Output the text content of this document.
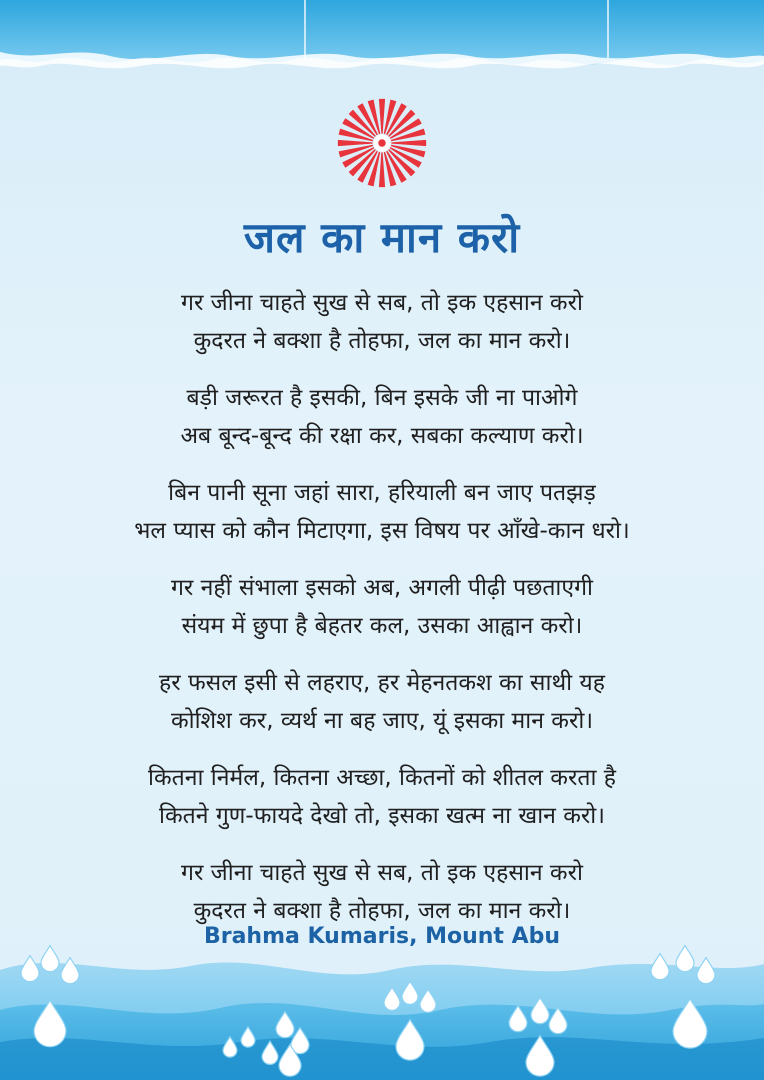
जल का मान करो
गर जीना चाहते सुख से सब, तो इक एहसान करो
कुदरत ने बक्शा है तोहफा, जल का मान करो।
बड़ी जरूरत है इसकी, बिन इसके जी ना पाओगे
अब बून्द-बून्द की रक्षा कर, सबका कल्याण करो।
बिन पानी सूना जहां सारा, हरियाली बन जाए पतझड़
भल प्यास को कौन मिटाएगा, इस विषय पर आँखे-कान धरो।
गर नहीं संभाला इसको अब, अगली पीढ़ी पछताएगी
संयम में छुपा है बेहतर कल, उसका आह्वान करो।
हर फसल इसी से लहराए, हर मेहनतकश का साथी यह
कोशिश कर, व्यर्थ ना बह जाए, यूं इसका मान करो।
कितना निर्मल, कितना अच्छा, कितनों को शीतल करता है
कितने गुण-फायदे देखो तो, इसका खत्म ना खान करो।
गर जीना चाहते सुख से सब, तो इक एहसान करो
कुदरत ने बक्शा है तोहफा, जल का मान करो।
Brahma Kumaris, Mount Abu
